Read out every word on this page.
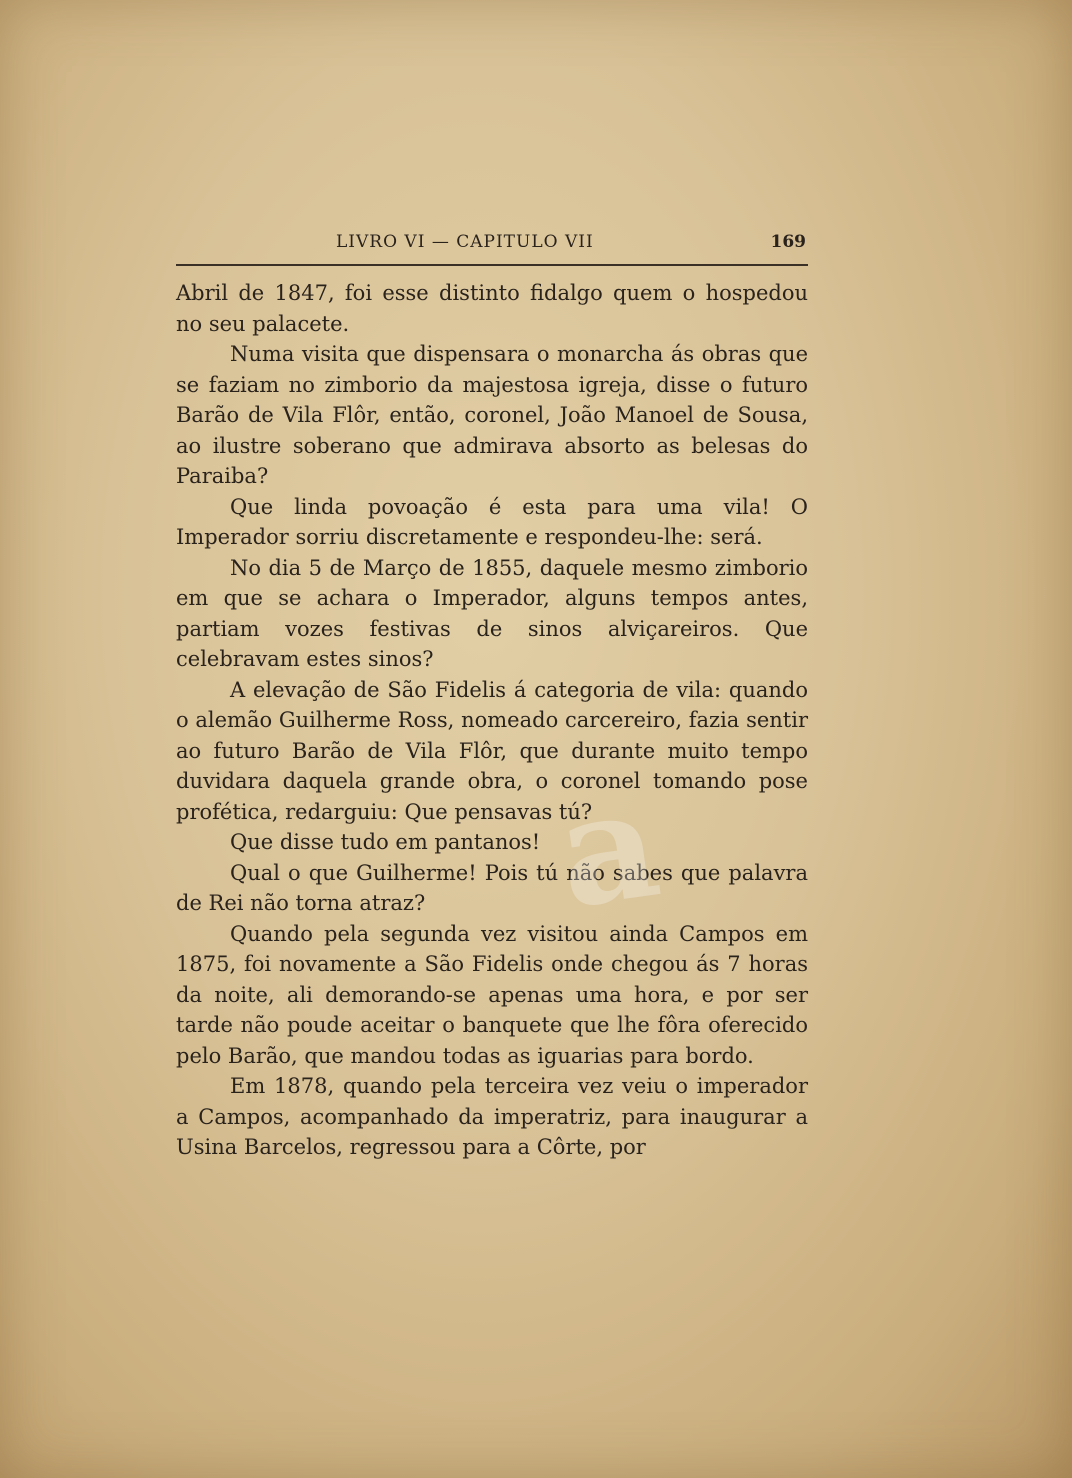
LIVRO VI — CAPITULO VII	169

Abril de 1847, foi esse distinto fidalgo quem o hospedou no seu palacete.

Numa visita que dispensara o monarcha ás obras que se faziam no zimborio da majestosa igreja, disse o futuro Barão de Vila Flôr, então, coronel, João Manoel de Sousa, ao ilustre soberano que admirava absorto as belesas do Paraiba?

Que linda povoação é esta para uma vila! O Imperador sorriu discretamente e respondeu-lhe: será.

No dia 5 de Março de 1855, daquele mesmo zimborio em que se achara o Imperador, alguns tempos antes, partiam vozes festivas de sinos alviçareiros. Que celebravam estes sinos?

A elevação de São Fidelis á categoria de vila: quando o alemão Guilherme Ross, nomeado carcereiro, fazia sentir ao futuro Barão de Vila Flôr, que durante muito tempo duvidara daquela grande obra, o coronel tomando pose profética, redarguiu: Que pensavas tú?

Que disse tudo em pantanos!

Qual o que Guilherme! Pois tú não sabes que palavra de Rei não torna atraz?

Quando pela segunda vez visitou ainda Campos em 1875, foi novamente a São Fidelis onde chegou ás 7 horas da noite, ali demorando-se apenas uma hora, e por ser tarde não poude aceitar o banquete que lhe fôra oferecido pelo Barão, que mandou todas as iguarias para bordo.

Em 1878, quando pela terceira vez veiu o imperador a Campos, acompanhado da imperatriz, para inaugurar a Usina Barcelos, regressou para a Côrte, por

a
